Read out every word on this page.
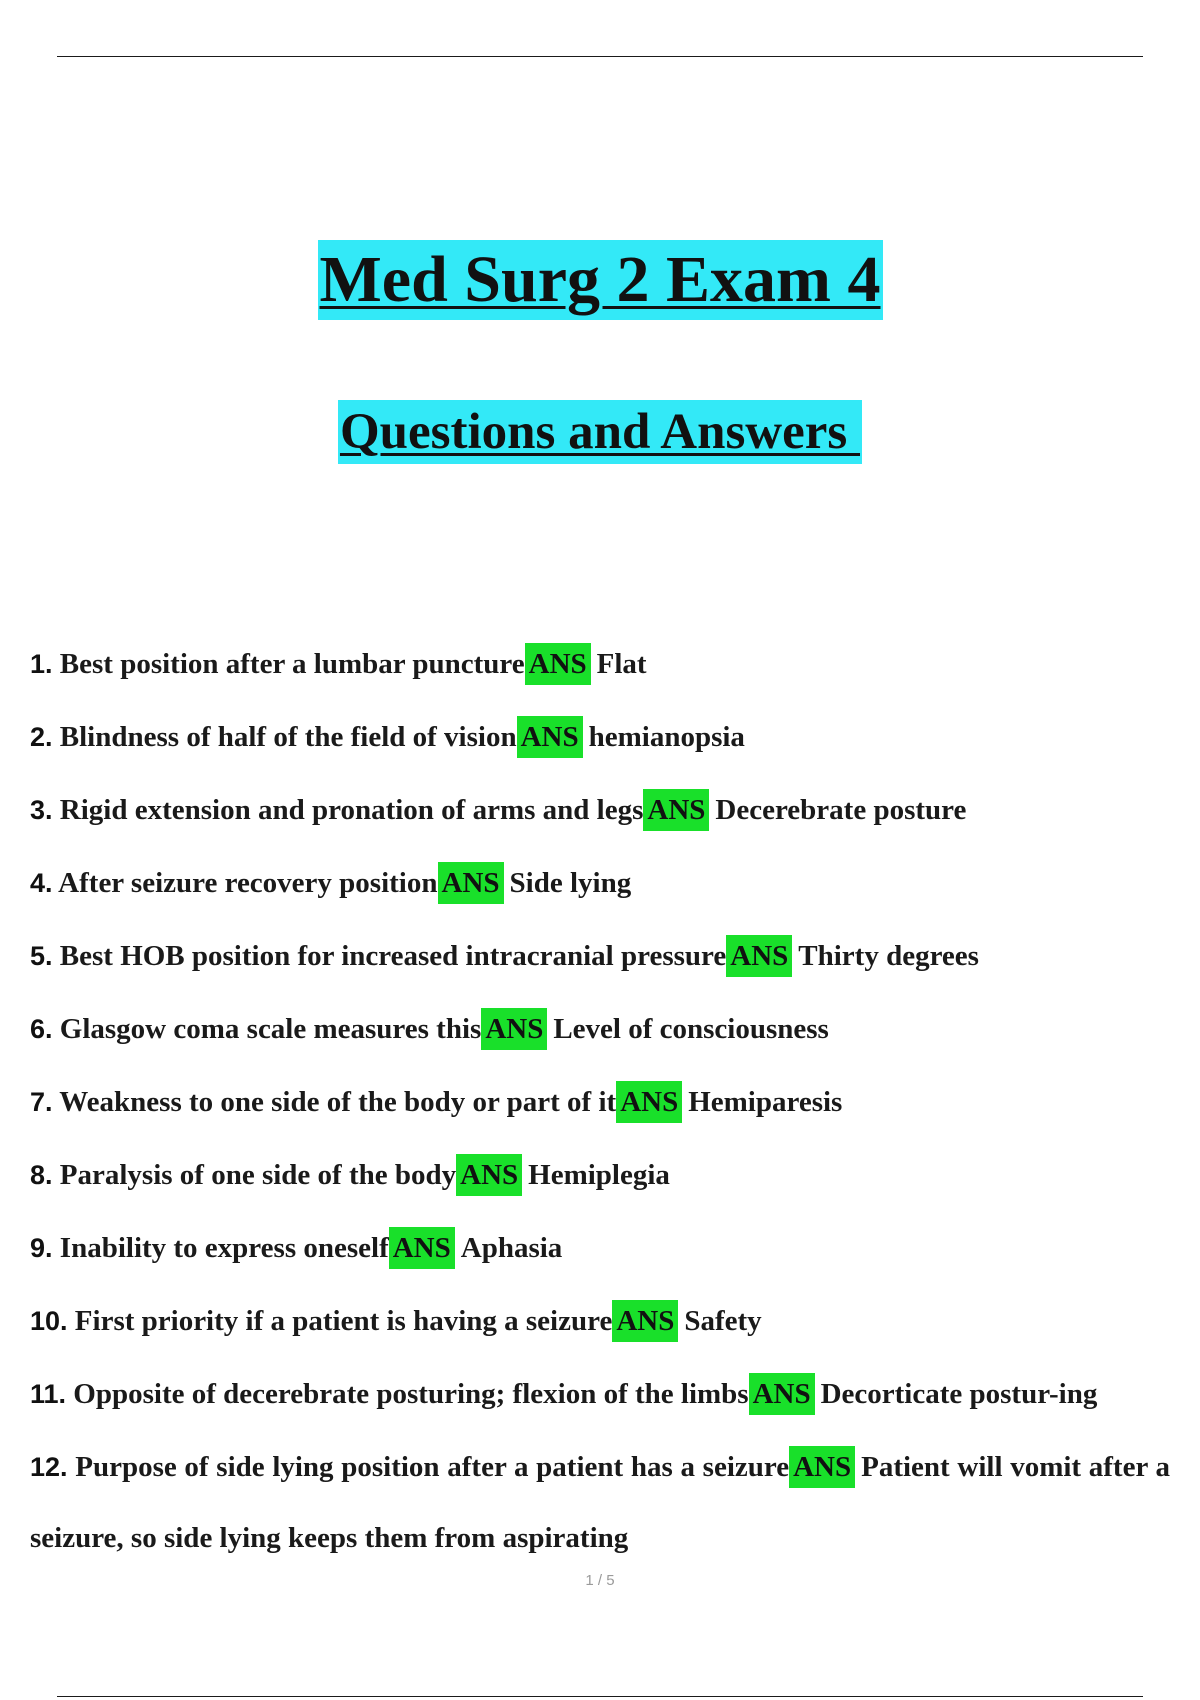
Med Surg 2 Exam 4
Questions and Answers
1. Best position after a lumbar puncture ANS Flat
2. Blindness of half of the field of vision ANS hemianopsia
3. Rigid extension and pronation of arms and legs ANS Decerebrate posture
4. After seizure recovery position ANS Side lying
5. Best HOB position for increased intracranial pressure ANS Thirty degrees
6. Glasgow coma scale measures this ANS Level of consciousness
7. Weakness to one side of the body or part of it ANS Hemiparesis
8. Paralysis of one side of the body ANS Hemiplegia
9. Inability to express oneself ANS Aphasia
10. First priority if a patient is having a seizure ANS Safety
11. Opposite of decerebrate posturing; flexion of the limbs ANS Decorticate postur-ing
12. Purpose of side lying position after a patient has a seizure ANS Patient will vomit after a seizure, so side lying keeps them from aspirating
1 / 5
